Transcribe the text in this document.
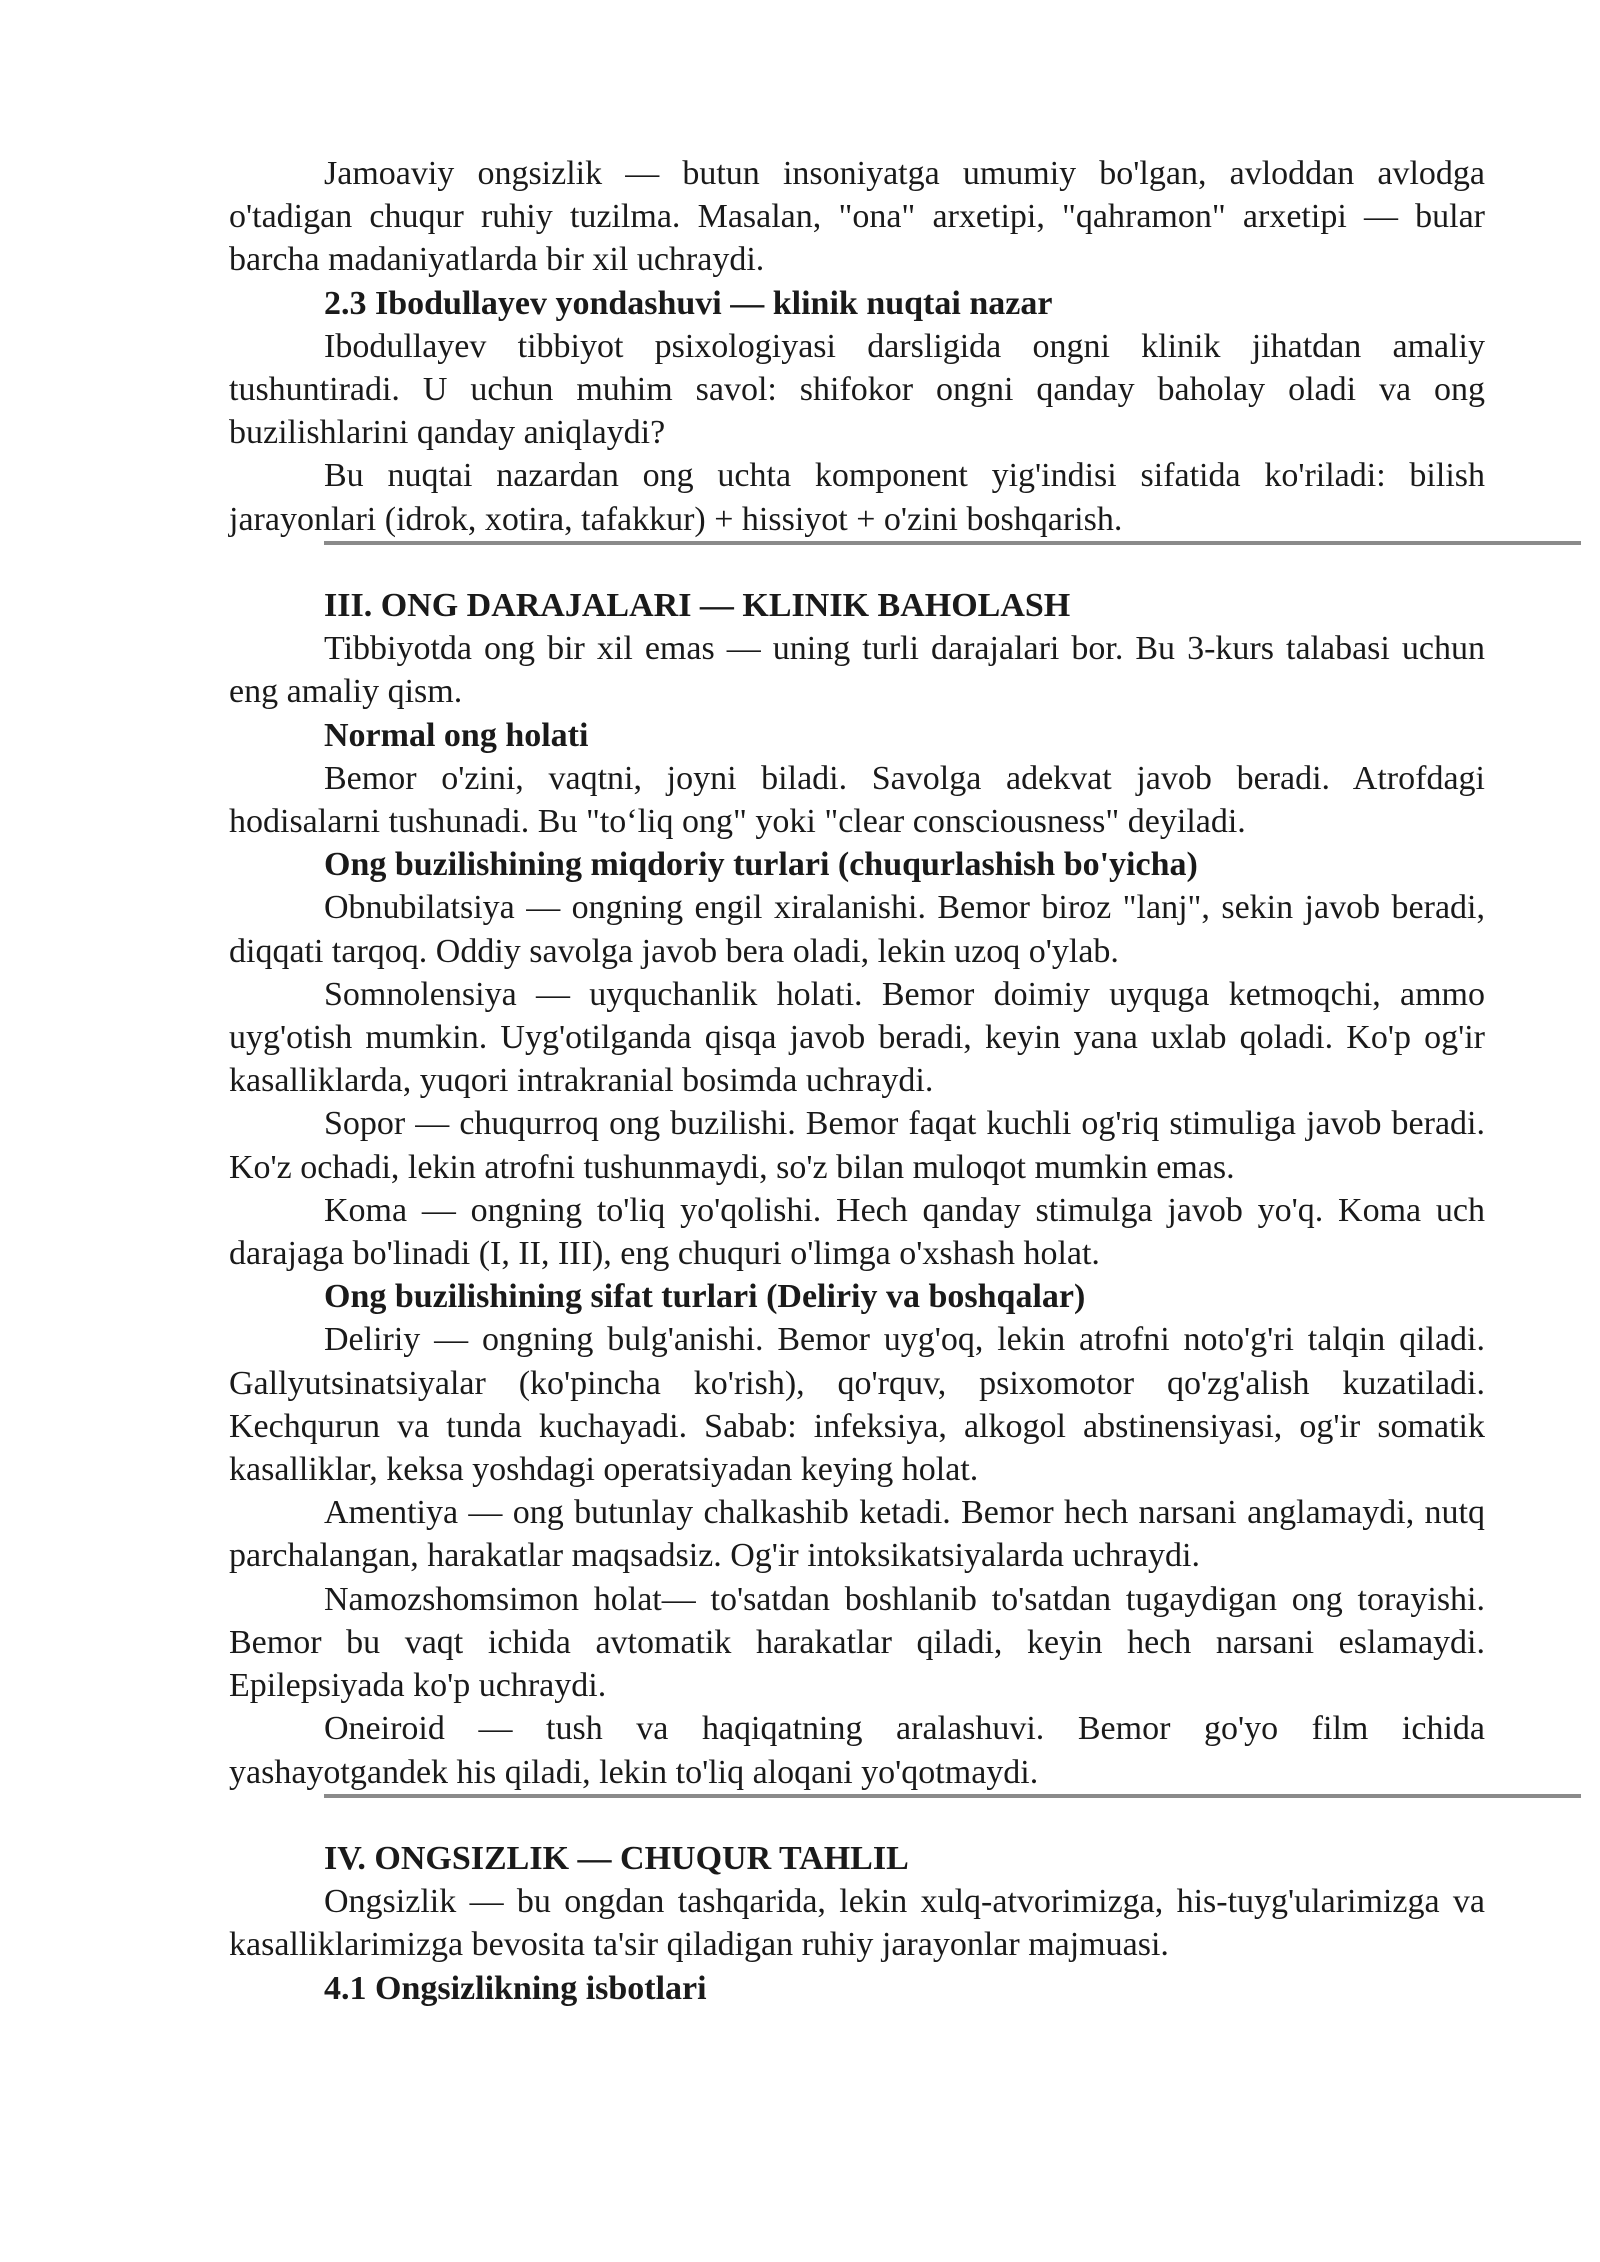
Jamoaviy ongsizlik — butun insoniyatga umumiy bo'lgan, avloddan avlodga o'tadigan chuqur ruhiy tuzilma. Masalan, "ona" arxetipi, "qahramon" arxetipi — bular barcha madaniyatlarda bir xil uchraydi.

2.3 Ibodullayev yondashuvi — klinik nuqtai nazar

Ibodullayev tibbiyot psixologiyasi darsligida ongni klinik jihatdan amaliy tushuntiradi. U uchun muhim savol: shifokor ongni qanday baholay oladi va ong buzilishlarini qanday aniqlaydi?

Bu nuqtai nazardan ong uchta komponent yig'indisi sifatida ko'riladi: bilish jarayonlari (idrok, xotira, tafakkur) + hissiyot + o'zini boshqarish.

III. ONG DARAJALARI — KLINIK BAHOLASH

Tibbiyotda ong bir xil emas — uning turli darajalari bor. Bu 3-kurs talabasi uchun eng amaliy qism.

Normal ong holati

Bemor o'zini, vaqtni, joyni biladi. Savolga adekvat javob beradi. Atrofdagi hodisalarni tushunadi. Bu "to‘liq ong" yoki "clear consciousness" deyiladi.

Ong buzilishining miqdoriy turlari (chuqurlashish bo'yicha)

Obnubilatsiya — ongning engil xiralanishi. Bemor biroz "lanj", sekin javob beradi, diqqati tarqoq. Oddiy savolga javob bera oladi, lekin uzoq o'ylab.

Somnolensiya — uyquchanlik holati. Bemor doimiy uyquga ketmoqchi, ammo uyg'otish mumkin. Uyg'otilganda qisqa javob beradi, keyin yana uxlab qoladi. Ko'p og'ir kasalliklarda, yuqori intrakranial bosimda uchraydi.

Sopor — chuqurroq ong buzilishi. Bemor faqat kuchli og'riq stimuliga javob beradi. Ko'z ochadi, lekin atrofni tushunmaydi, so'z bilan muloqot mumkin emas.

Koma — ongning to'liq yo'qolishi. Hech qanday stimulga javob yo'q. Koma uch darajaga bo'linadi (I, II, III), eng chuquri o'limga o'xshash holat.

Ong buzilishining sifat turlari (Deliriy va boshqalar)

Deliriy — ongning bulg'anishi. Bemor uyg'oq, lekin atrofni noto'g'ri talqin qiladi. Gallyutsinatsiyalar (ko'pincha ko'rish), qo'rquv, psixomotor qo'zg'alish kuzatiladi. Kechqurun va tunda kuchayadi. Sabab: infeksiya, alkogol abstinensiyasi, og'ir somatik kasalliklar, keksa yoshdagi operatsiyadan keying holat.

Amentiya — ong butunlay chalkashib ketadi. Bemor hech narsani anglamaydi, nutq parchalangan, harakatlar maqsadsiz. Og'ir intoksikatsiyalarda uchraydi.

Namozshomsimon holat— to'satdan boshlanib to'satdan tugaydigan ong torayishi. Bemor bu vaqt ichida avtomatik harakatlar qiladi, keyin hech narsani eslamaydi. Epilepsiyada ko'p uchraydi.

Oneiroid — tush va haqiqatning aralashuvi. Bemor go'yo film ichida yashayotgandek his qiladi, lekin to'liq aloqani yo'qotmaydi.

IV. ONGSIZLIK — CHUQUR TAHLIL

Ongsizlik — bu ongdan tashqarida, lekin xulq-atvorimizga, his-tuyg'ularimizga va kasalliklarimizga bevosita ta'sir qiladigan ruhiy jarayonlar majmuasi.

4.1 Ongsizlikning isbotlari
